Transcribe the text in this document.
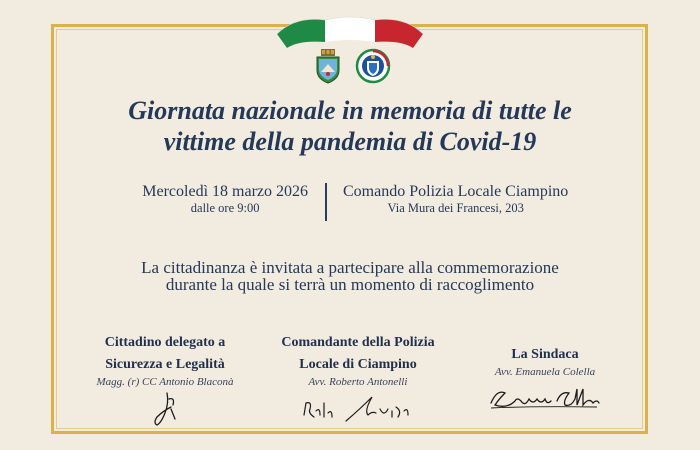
Giornata nazionale in memoria di tutte le
vittime della pandemia di Covid-19
Mercoledì 18 marzo 2026
dalle ore 9:00
Comando Polizia Locale Ciampino
Via Mura dei Francesi, 203
La cittadinanza è invitata a partecipare alla commemorazione
durante la quale si terrà un momento di raccoglimento
Cittadino delegato a
Sicurezza e Legalità
Magg. (r) CC Antonio Blaconà
Comandante della Polizia
Locale di Ciampino
Avv. Roberto Antonelli
La Sindaca
Avv. Emanuela Colella
